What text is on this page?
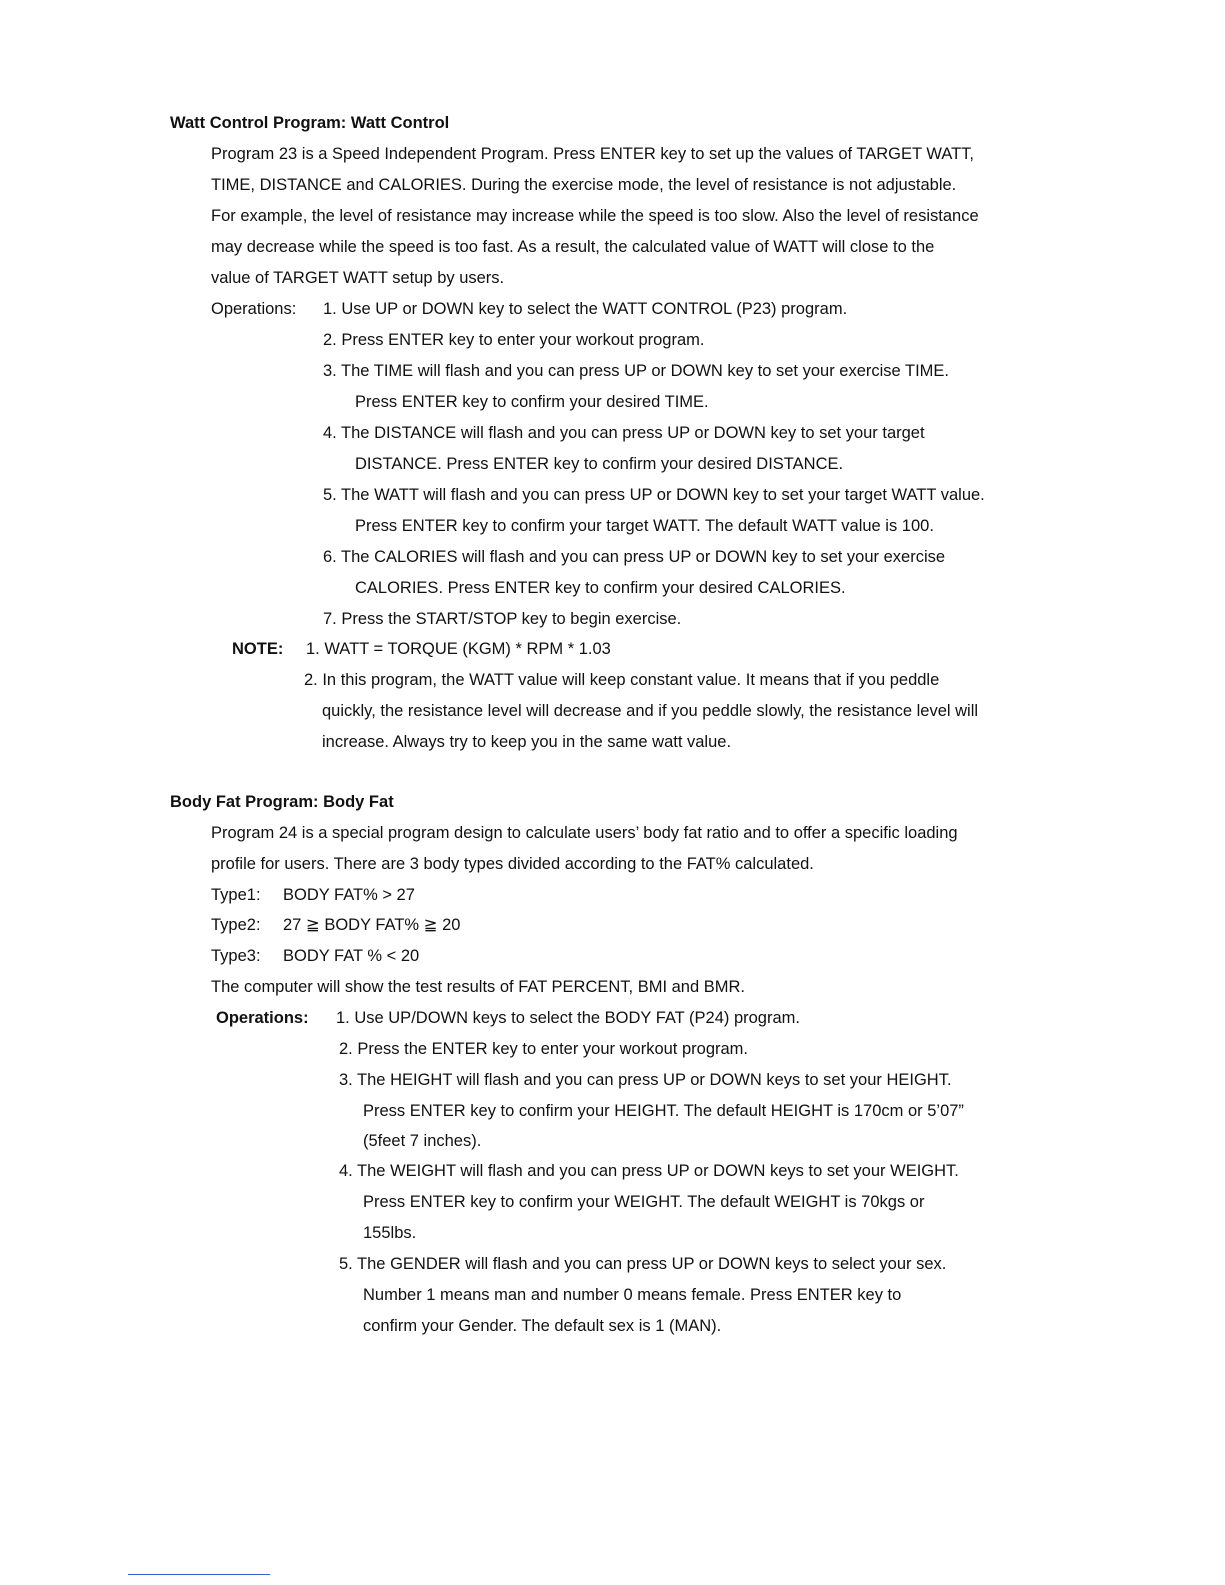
Watt Control Program: Watt Control
Program 23 is a Speed Independent Program. Press ENTER key to set up the values of TARGET WATT,
TIME, DISTANCE and CALORIES. During the exercise mode, the level of resistance is not adjustable.
For example, the level of resistance may increase while the speed is too slow. Also the level of resistance
may decrease while the speed is too fast. As a result, the calculated value of WATT will close to the
value of TARGET WATT setup by users.
Operations: 1. Use UP or DOWN key to select the WATT CONTROL (P23) program.
2. Press ENTER key to enter your workout program.
3. The TIME will flash and you can press UP or DOWN key to set your exercise TIME.
Press ENTER key to confirm your desired TIME.
4. The DISTANCE will flash and you can press UP or DOWN key to set your target
DISTANCE. Press ENTER key to confirm your desired DISTANCE.
5. The WATT will flash and you can press UP or DOWN key to set your target WATT value.
Press ENTER key to confirm your target WATT. The default WATT value is 100.
6. The CALORIES will flash and you can press UP or DOWN key to set your exercise
CALORIES. Press ENTER key to confirm your desired CALORIES.
7. Press the START/STOP key to begin exercise.
NOTE: 1. WATT = TORQUE (KGM) * RPM * 1.03
2. In this program, the WATT value will keep constant value. It means that if you peddle
quickly, the resistance level will decrease and if you peddle slowly, the resistance level will
increase. Always try to keep you in the same watt value.
Body Fat Program: Body Fat
Program 24 is a special program design to calculate users’ body fat ratio and to offer a specific loading
profile for users. There are 3 body types divided according to the FAT% calculated.
Type1: BODY FAT% > 27
Type2: 27 ≧ BODY FAT% ≧ 20
Type3: BODY FAT % < 20
The computer will show the test results of FAT PERCENT, BMI and BMR.
Operations: 1. Use UP/DOWN keys to select the BODY FAT (P24) program.
2. Press the ENTER key to enter your workout program.
3. The HEIGHT will flash and you can press UP or DOWN keys to set your HEIGHT.
Press ENTER key to confirm your HEIGHT. The default HEIGHT is 170cm or 5’07”
(5feet 7 inches).
4. The WEIGHT will flash and you can press UP or DOWN keys to set your WEIGHT.
Press ENTER key to confirm your WEIGHT. The default WEIGHT is 70kgs or
155lbs.
5. The GENDER will flash and you can press UP or DOWN keys to select your sex.
Number 1 means man and number 0 means female. Press ENTER key to
confirm your Gender. The default sex is 1 (MAN).
